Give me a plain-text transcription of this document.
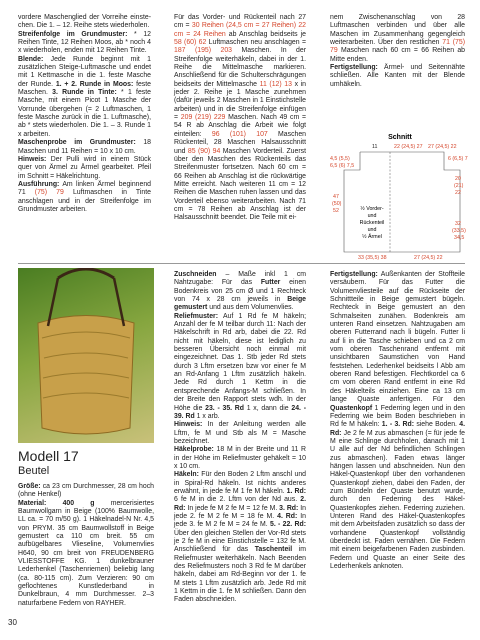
vordere Maschenglied der Vorreihe einste-chen. Die 1. – 12. Reihe stets wiederholen.
Streifenfolge im Grundmuster: * 12 Reihen Tinte, 12 Reihen Moos, ab * noch 4 x wiederholen, enden mit 12 Reihen Tinte.
Blende: Jede Runde beginnt mit 1 zusätzlichen Steige-Luftmasche und endet mit 1 Kettmasche in die 1. feste Masche der Runde. 1. + 2. Runde in Moos: feste Maschen. 3. Runde in Tinte: * 1 feste Masche, mit einem Picot 1 Masche der Vorrunde übergehen (= 2 Luftmaschen, 1 feste Masche zurück in die 1. Luftmasche), ab * stets wiederholen. Die 1. – 3. Runde 1 x arbeiten.
Maschenprobe im Grundmuster: 18 Maschen und 11 Reihen = 10 x 10 cm.
Hinweis: Der Pulli wird in einem Stück quer von Ärmel zu Ärmel gearbeitet. Pfeil im Schnitt = Häkelrichtung.
Ausführung: Am linken Ärmel beginnend 71 (75) 79 Luftmaschen in Tinte anschlagen und in der Streifenfolge im Grundmuster arbeiten.

Für das Vorder- und Rückenteil nach 27 cm = 30 Reihen (24,5 cm = 27 Reihen) 22 cm = 24 Reihen ab Anschlag beidseits je 58 (60) 62 Luftmaschen neu anschlagen = 187 (195) 203 Maschen. In der Streifenfolge weiterhäkeln, dabei in der 1. Reihe die Mittelmasche markieren. Anschließend für die Schulterschrägungen beidseits der Mittelmasche 11 (12) 13 x in jeder 2. Reihe je 1 Masche zunehmen (dafür jeweils 2 Maschen in 1 Einstichstelle arbeiten) und in die Streifenfolge einfügen = 209 (219) 229 Maschen. Nach 49 cm = 54 R ab Anschlag die Arbeit wie folgt einteilen: 96 (101) 107 Maschen Rückenteil, 28 Maschen Halsausschnitt und 85 (90) 94 Maschen Vorderteil. Zuerst über den Maschen des Rückenteils das Streifenmuster fortsetzen. Nach 60 cm = 66 Reihen ab Anschlag ist die rückwärtige Mitte erreicht. Nach weiteren 11 cm = 12 Reihen die Maschen ruhen lassen und das Vorderteil ebenso weiterarbeiten. Nach 71 cm = 78 Reihen ab Anschlag ist der Halsausschnitt beendet. Die Teile mit ei-

nem Zwischenanschlag von 28 Luftmaschen verbinden und über alle Maschen im Zusammenhang gegengleich weiterarbeiten. Über den restlichen 71 (75) 79 Maschen nach 60 cm = 66 Reihen ab Mitte enden.
Fertigstellung: Ärmel- und Seitennähte schließen. Alle Kanten mit der Blende umhäkeln.

Schnitt
11	22 (24,5) 27 27 (24,5) 22
4,5 (5,5)
6,5 (6) 7,5
6 (6,5) 7
47
(50)
52
20
(21)
22
32
(33,5)
34,5
½ Vorder-
und
Rückenteil
und
½ Ärmel
33 (35,5) 38	27 (24,5) 22
Modell 17
Beutel

Größe: ca 23 cm Durchmesser, 28 cm hoch (ohne Henkel)
Material: 400 g mercerisiertes Baumwollgarn in Beige (100% Baumwolle, LL ca. = 70 m/50 g). 1 Häkelnadel-N Nr. 4,5 von PRYM. 35 cm Baumwollstoff in Beige gemustert ca 110 cm breit. 55 cm aufbügelbares Vlieseline, Volumenvlies H640, 90 cm breit von FREUDENBERG VLIESSTOFFE KG. 1 dunkelbrauner Lederhenkel (Taschenriemen) beliebig lang (ca. 80-115 cm). Zum Verzieren: 90 cm geflochtenes Kunstlederband in Dunkelbraun, 4 mm Durchmesser. 2–3 naturfarbene Federn von RAYHER.

Zuschneiden – Maße inkl 1 cm Nahtzugabe: Für das Futter einen Bodenkreis von 25 cm Ø und 1 Rechteck von 74 x 28 cm jeweils in Beige gemustert und aus dem Volumenvlies.
Reliefmuster: Auf 1 Rd fe M häkeln; Anzahl der fe M teilbar durch 11: Nach der Häkelschrift in Rd arb, dabei die 22. Rd nicht mit häkeln, diese ist lediglich zu besseren Übersicht noch einmal mit eingezeichnet. Das 1. Stb jeder Rd stets durch 3 Lftm ersetzen bzw vor einer fe M an Rd-Anfang 1 Lftm zusätzlich häkeln. Jede Rd durch 1 Kettm in die entsprechende Anfangs-M schließen. In der Breite den Rapport stets wdh. In der Höhe die 23. - 35. Rd 1 x, dann die 24. - 39. Rd 1 x arb.
Hinweis: In der Anleitung werden alle Lftm, fe M und Stb als M = Masche bezeichnet.
Häkelprobe: 18 M in der Breite und 11 R in der Höhe im Reliefmuster gehäkelt = 10 x 10 cm.
Häkeln: Für den Boden 2 Lftm anschl und in Spiral-Rd häkeln. Ist nichts anderes erwähnt, in jede fe M 1 fe M häkeln. 1. Rd: 6 fe M in die 2. Lftm von der Nd aus. 2. Rd: In jede fe M 2 fe M = 12 fe M. 3. Rd: In jede 2. fe M 2 fe M = 18 fe M. 4. Rd: In jede 3. fe M 2 fe M = 24 fe M. 5. - 22. Rd: Über den gleichen Stellen der Vor-Rd stets je 2 fe M in eine Einstichstelle = 132 fe M. Anschließend für das Taschenteil im Reliefmuster weiterhäkeln. Nach Beenden des Reliefmusters noch 3 Rd fe M darüber häkeln, dabei am Rd-Beginn vor der 1. fe M stets 1 Lftm zusätzlich arb. Jede Rd mit 1 Kettm in die 1. fe M schließen. Dann den Faden abschneiden.

Fertigstellung: Außenkanten der Stoffteile versäubern. Für das Futter die Volumenvliesteile auf die Rückseite der Schnittteile in Beige gemustert bügeln. Rechteck in Beige gemustert an den Schmalseiten zunähen. Bodenkreis am unteren Rand einsetzen. Nahtzugaben am oberen Futterrand nach li bügeln. Futter li auf li in die Tasche schieben und ca 2 cm vom oberen Taschenrand entfernt mit unsichtbaren Saumstichen von Hand feststehen. Lederhenkel beidseits l Abb am oberen Rand befestigen. Flechtkordel ca 6 cm vom oberen Rand entfernt in eine Rd des Häkelteils einziehen. Eine ca 13 cm lange Quaste anfertigen. Für den Quastenkopf 1 Federring legen und in den Federring wie beim Boden beschrieben in Rd fe M häkeln: 1. - 3. Rd: siehe Boden. 4. Rd: Je 2 fe M zus abmaschen (= für jede fe M eine Schlinge durchholen, danach mit 1 U alle auf der Nd befindlichen Schlingen zus abmaschen). Faden etwas länger hängen lassen und abschneiden. Nun den Häkel-Quastenkopf über den vorhandenen Quastenkopf ziehen, dabei den Faden, der zum Bündeln der Quaste benutzt wurde, durch den Federring des Häkel-Quastenkopfes ziehen. Federring zuziehen. Unteren Rand des Häkel-Quastenkopfes mit dem Arbeitsfaden zusätzlich so dass der vorhandene Quastenkopf vollständig überdeckt ist. Faden vernähen. Die Federn mit einem beigefarbenen Faden zusbinden. Federn und Quaste an einer Seite des Lederhenkels anknoten.

30
